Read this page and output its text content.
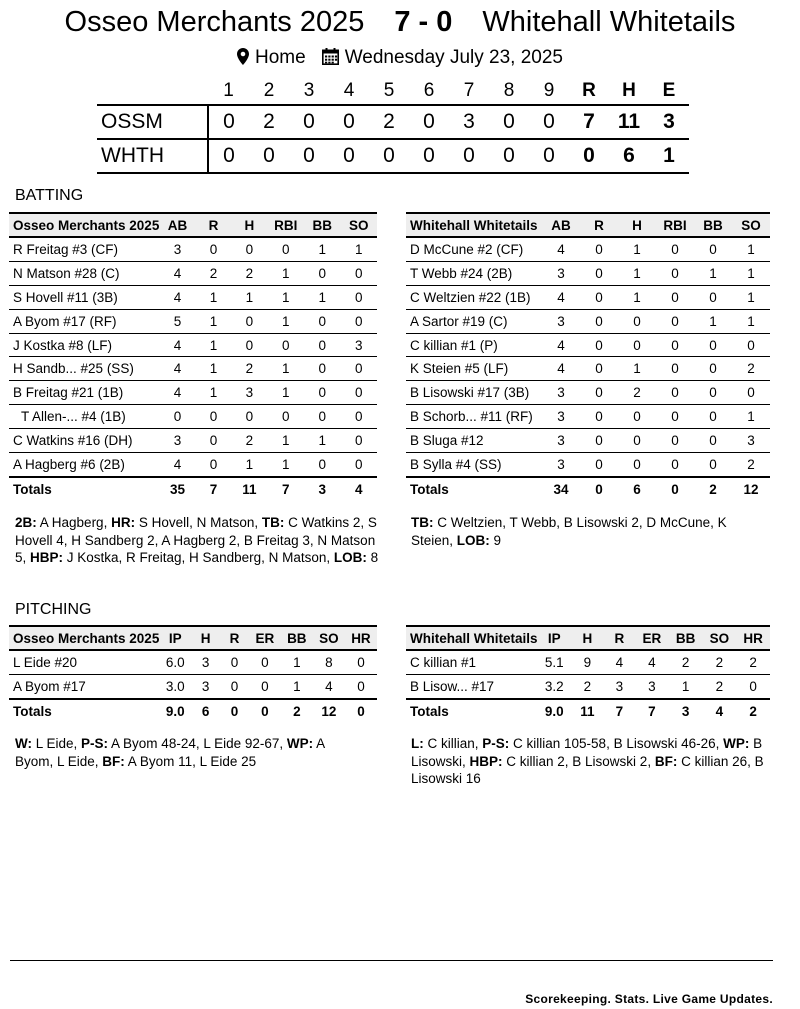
Osseo Merchants 2025 7 - 0 Whitehall Whitetails
Home Wednesday July 23, 2025
	1	2	3	4	5	6	7	8	9	R	H	E
OSSM	0	2	0	0	2	0	3	0	0	7	11	3
WHTH	0	0	0	0	0	0	0	0	0	0	6	1
BATTING
Osseo Merchants 2025	AB	R	H	RBI	BB	SO
R Freitag #3 (CF)	3	0	0	0	1	1
N Matson #28 (C)	4	2	2	1	0	0
S Hovell #11 (3B)	4	1	1	1	1	0
A Byom #17 (RF)	5	1	0	1	0	0
J Kostka #8 (LF)	4	1	0	0	0	3
H Sandb... #25 (SS)	4	1	2	1	0	0
B Freitag #21 (1B)	4	1	3	1	0	0
T Allen-... #4 (1B)	0	0	0	0	0	0
C Watkins #16 (DH)	3	0	2	1	1	0
A Hagberg #6 (2B)	4	0	1	1	0	0
Totals	35	7	11	7	3	4
Whitehall Whitetails	AB	R	H	RBI	BB	SO
D McCune #2 (CF)	4	0	1	0	0	1
T Webb #24 (2B)	3	0	1	0	1	1
C Weltzien #22 (1B)	4	0	1	0	0	1
A Sartor #19 (C)	3	0	0	0	1	1
C killian #1 (P)	4	0	0	0	0	0
K Steien #5 (LF)	4	0	1	0	0	2
B Lisowski #17 (3B)	3	0	2	0	0	0
B Schorb... #11 (RF)	3	0	0	0	0	1
B Sluga #12	3	0	0	0	0	3
B Sylla #4 (SS)	3	0	0	0	0	2
Totals	34	0	6	0	2	12
2B: A Hagberg, HR: S Hovell, N Matson, TB: C Watkins 2, S Hovell 4, H Sandberg 2, A Hagberg 2, B Freitag 3, N Matson 5, HBP: J Kostka, R Freitag, H Sandberg, N Matson, LOB: 8
TB: C Weltzien, T Webb, B Lisowski 2, D McCune, K Steien, LOB: 9
PITCHING
Osseo Merchants 2025	IP	H	R	ER	BB	SO	HR
L Eide #20	6.0	3	0	0	1	8	0
A Byom #17	3.0	3	0	0	1	4	0
Totals	9.0	6	0	0	2	12	0
Whitehall Whitetails	IP	H	R	ER	BB	SO	HR
C killian #1	5.1	9	4	4	2	2	2
B Lisow... #17	3.2	2	3	3	1	2	0
Totals	9.0	11	7	7	3	4	2
W: L Eide, P-S: A Byom 48-24, L Eide 92-67, WP: A Byom, L Eide, BF: A Byom 11, L Eide 25
L: C killian, P-S: C killian 105-58, B Lisowski 46-26, WP: B Lisowski, HBP: C killian 2, B Lisowski 2, BF: C killian 26, B Lisowski 16
Scorekeeping. Stats. Live Game Updates.
